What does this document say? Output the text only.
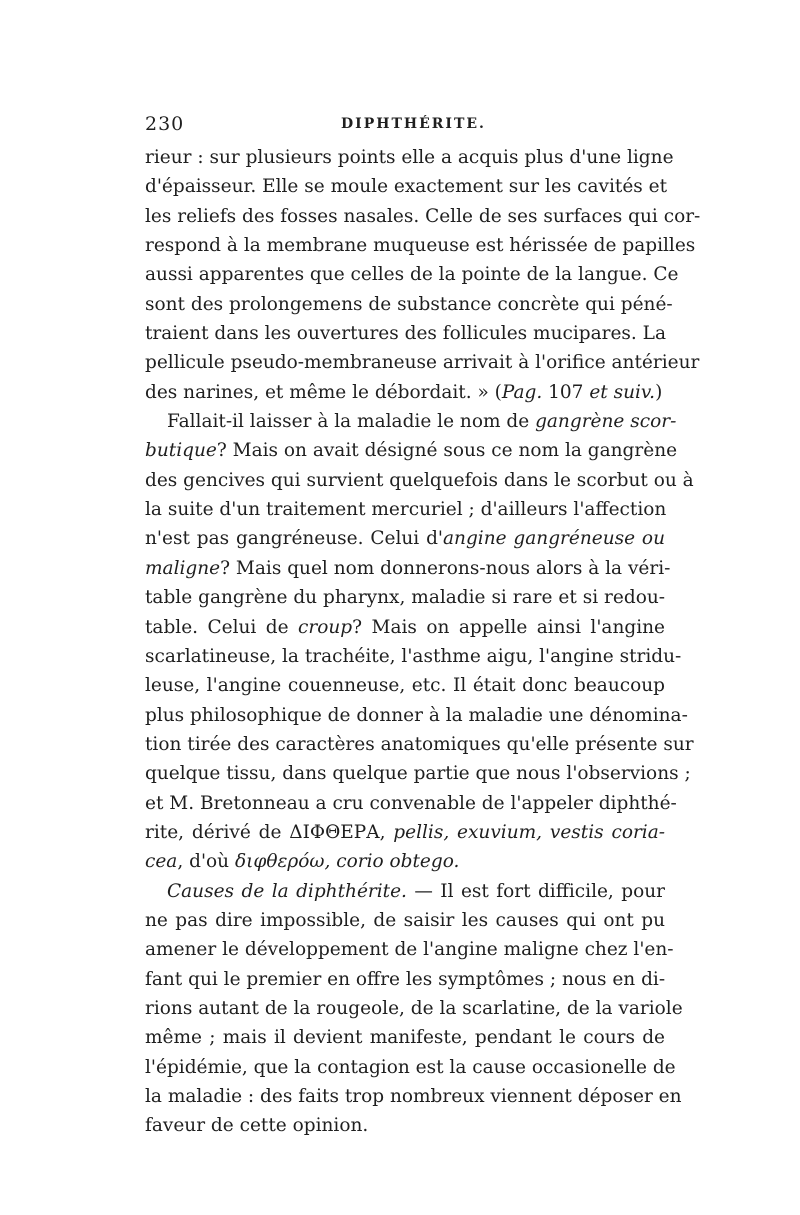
230	DIPHTHÉRITE.
rieur : sur plusieurs points elle a acquis plus d'une ligne
d'épaisseur. Elle se moule exactement sur les cavités et
les reliefs des fosses nasales. Celle de ses surfaces qui cor-
respond à la membrane muqueuse est hérissée de papilles
aussi apparentes que celles de la pointe de la langue. Ce
sont des prolongemens de substance concrète qui péné-
traient dans les ouvertures des follicules mucipares. La
pellicule pseudo-membraneuse arrivait à l'orifice antérieur
des narines, et même le débordait. » (Pag. 107 et suiv.)
Fallait-il laisser à la maladie le nom de gangrène scor-
butique? Mais on avait désigné sous ce nom la gangrène
des gencives qui survient quelquefois dans le scorbut ou à
la suite d'un traitement mercuriel ; d'ailleurs l'affection
n'est pas gangréneuse. Celui d'angine gangréneuse ou
maligne? Mais quel nom donnerons-nous alors à la véri-
table gangrène du pharynx, maladie si rare et si redou-
table. Celui de croup? Mais on appelle ainsi l'angine
scarlatineuse, la trachéite, l'asthme aigu, l'angine stridu-
leuse, l'angine couenneuse, etc. Il était donc beaucoup
plus philosophique de donner à la maladie une dénomina-
tion tirée des caractères anatomiques qu'elle présente sur
quelque tissu, dans quelque partie que nous l'observions ;
et M. Bretonneau a cru convenable de l'appeler diphthé-
rite, dérivé de ΔΙΦΘΕΡΑ, pellis, exuvium, vestis coria-
cea, d'où διφθερόω, corio obtego.
Causes de la diphthérite. — Il est fort difficile, pour
ne pas dire impossible, de saisir les causes qui ont pu
amener le développement de l'angine maligne chez l'en-
fant qui le premier en offre les symptômes ; nous en di-
rions autant de la rougeole, de la scarlatine, de la variole
même ; mais il devient manifeste, pendant le cours de
l'épidémie, que la contagion est la cause occasionelle de
la maladie : des faits trop nombreux viennent déposer en
faveur de cette opinion.
